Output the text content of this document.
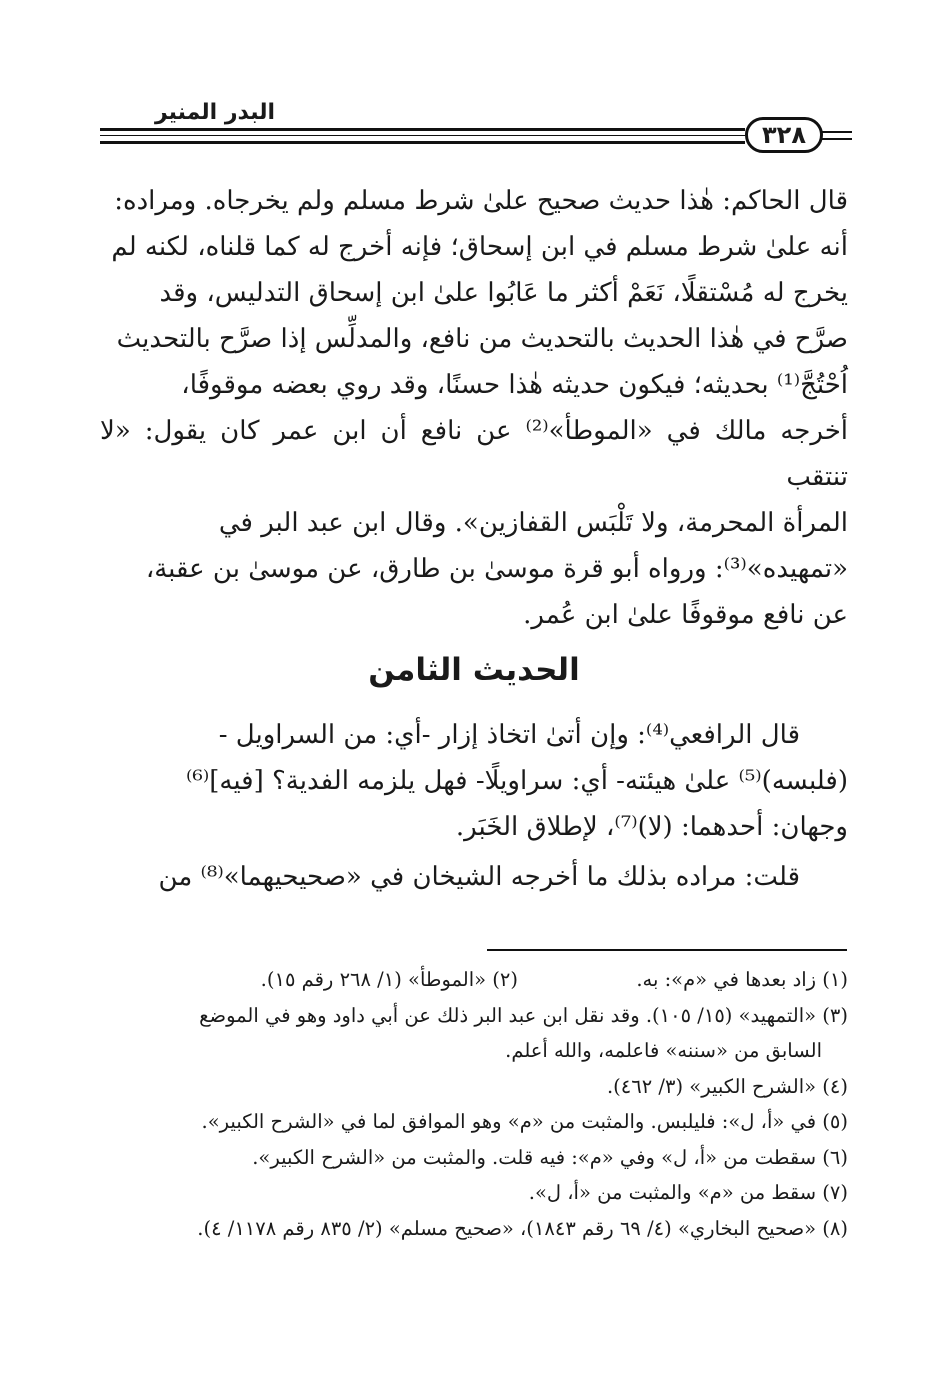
البدر المنير
٣٢٨

قال الحاكم: هٰذا حديث صحيح علىٰ شرط مسلم ولم يخرجاه. ومراده:

أنه علىٰ شرط مسلم في ابن إسحاق؛ فإنه أخرج له كما قلناه، لكنه لم

يخرج له مُسْتقلًا، نَعَمْ أكثر ما عَابُوا علىٰ ابن إسحاق التدليس، وقد

صرَّح في هٰذا الحديث بالتحديث من نافع، والمدلِّس إذا صرَّح بالتحديث

اُحْتُجَّ⁽¹⁾ بحديثه؛ فيكون حديثه هٰذا حسنًا، وقد روي بعضه موقوفًا،

أخرجه مالك في «الموطأ»⁽²⁾ عن نافع أن ابن عمر كان يقول: «لا تنتقب

المرأة المحرمة، ولا تَلْبَس القفازين». وقال ابن عبد البر في

«تمهيده»⁽³⁾: ورواه أبو قرة موسىٰ بن طارق، عن موسىٰ بن عقبة،

عن نافع موقوفًا علىٰ ابن عُمر.

الحديث الثامن

قال الرافعي⁽⁴⁾: وإن أتىٰ اتخاذ إزار -أي: من السراويل -

(فلبسه)⁽⁵⁾ علىٰ هيئته- أي: سراويلًا- فهل يلزمه الفدية؟ [فيه]⁽⁶⁾

وجهان: أحدهما: (لا)⁽⁷⁾، لإطلاق الخَبَر.

قلت: مراده بذلك ما أخرجه الشيخان في «صحيحيهما»⁽⁸⁾ من

(١) زاد بعدها في «م»: به.

(٢) «الموطأ» (١/ ٢٦٨ رقم ١٥).

(٣) «التمهيد» (١٥/ ١٠٥). وقد نقل ابن عبد البر ذلك عن أبي داود وهو في الموضع

السابق من «سننه» فاعلمه، والله أعلم.

(٤) «الشرح الكبير» (٣/ ٤٦٢).

(٥) في «أ، ل»: فليلبس. والمثبت من «م» وهو الموافق لما في «الشرح الكبير».

(٦) سقطت من «أ، ل» وفي «م»: فيه قلت. والمثبت من «الشرح الكبير».

(٧) سقط من «م» والمثبت من «أ، ل».

(٨) «صحيح البخاري» (٤/ ٦٩ رقم ١٨٤٣)، «صحيح مسلم» (٢/ ٨٣٥ رقم ١١٧٨/ ٤).
